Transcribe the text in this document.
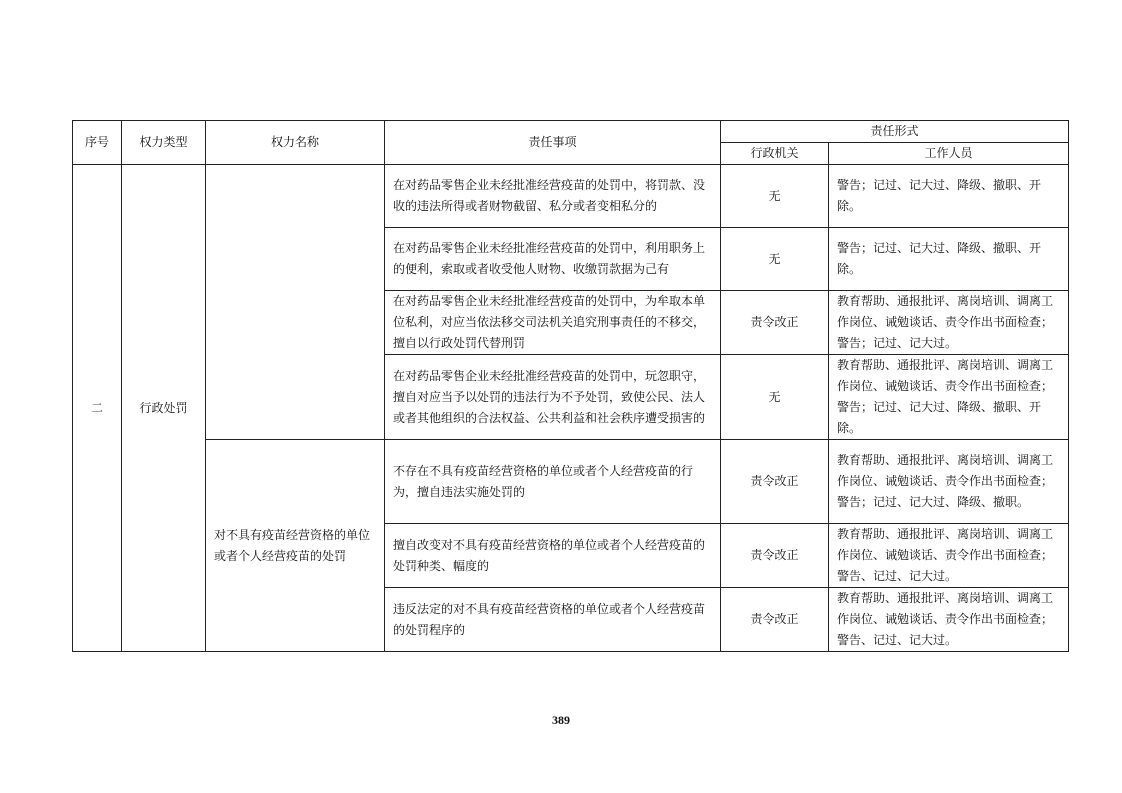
序号	权力类型	权力名称	责任事项	责任形式	
				行政机关	工作人员
二	行政处罚		在对药品零售企业未经批准经营疫苗的处罚中，将罚款、没收的违法所得或者财物截留、私分或者变相私分的	无	警告；记过、记大过、降级、撤职、开除。
			在对药品零售企业未经批准经营疫苗的处罚中，利用职务上的便利，索取或者收受他人财物、收缴罚款据为己有	无	警告；记过、记大过、降级、撤职、开除。
			在对药品零售企业未经批准经营疫苗的处罚中，为牟取本单位私利，对应当依法移交司法机关追究刑事责任的不移交，擅自以行政处罚代替刑罚	责令改正	教育帮助、通报批评、离岗培训、调离工作岗位、诫勉谈话、责令作出书面检查；警告；记过、记大过。
			在对药品零售企业未经批准经营疫苗的处罚中，玩忽职守，擅自对应当予以处罚的违法行为不予处罚，致使公民、法人或者其他组织的合法权益、公共利益和社会秩序遭受损害的	无	教育帮助、通报批评、离岗培训、调离工作岗位、诫勉谈话、责令作出书面检查；警告；记过、记大过、降级、撤职、开除。
		对不具有疫苗经营资格的单位或者个人经营疫苗的处罚	不存在不具有疫苗经营资格的单位或者个人经营疫苗的行为，擅自违法实施处罚的	责令改正	教育帮助、通报批评、离岗培训、调离工作岗位、诫勉谈话、责令作出书面检查；警告；记过、记大过、降级、撤职。
			擅自改变对不具有疫苗经营资格的单位或者个人经营疫苗的处罚种类、幅度的	责令改正	教育帮助、通报批评、离岗培训、调离工作岗位、诫勉谈话、责令作出书面检查；警告、记过、记大过。
			违反法定的对不具有疫苗经营资格的单位或者个人经营疫苗的处罚程序的	责令改正	教育帮助、通报批评、离岗培训、调离工作岗位、诫勉谈话、责令作出书面检查；警告、记过、记大过。
389
